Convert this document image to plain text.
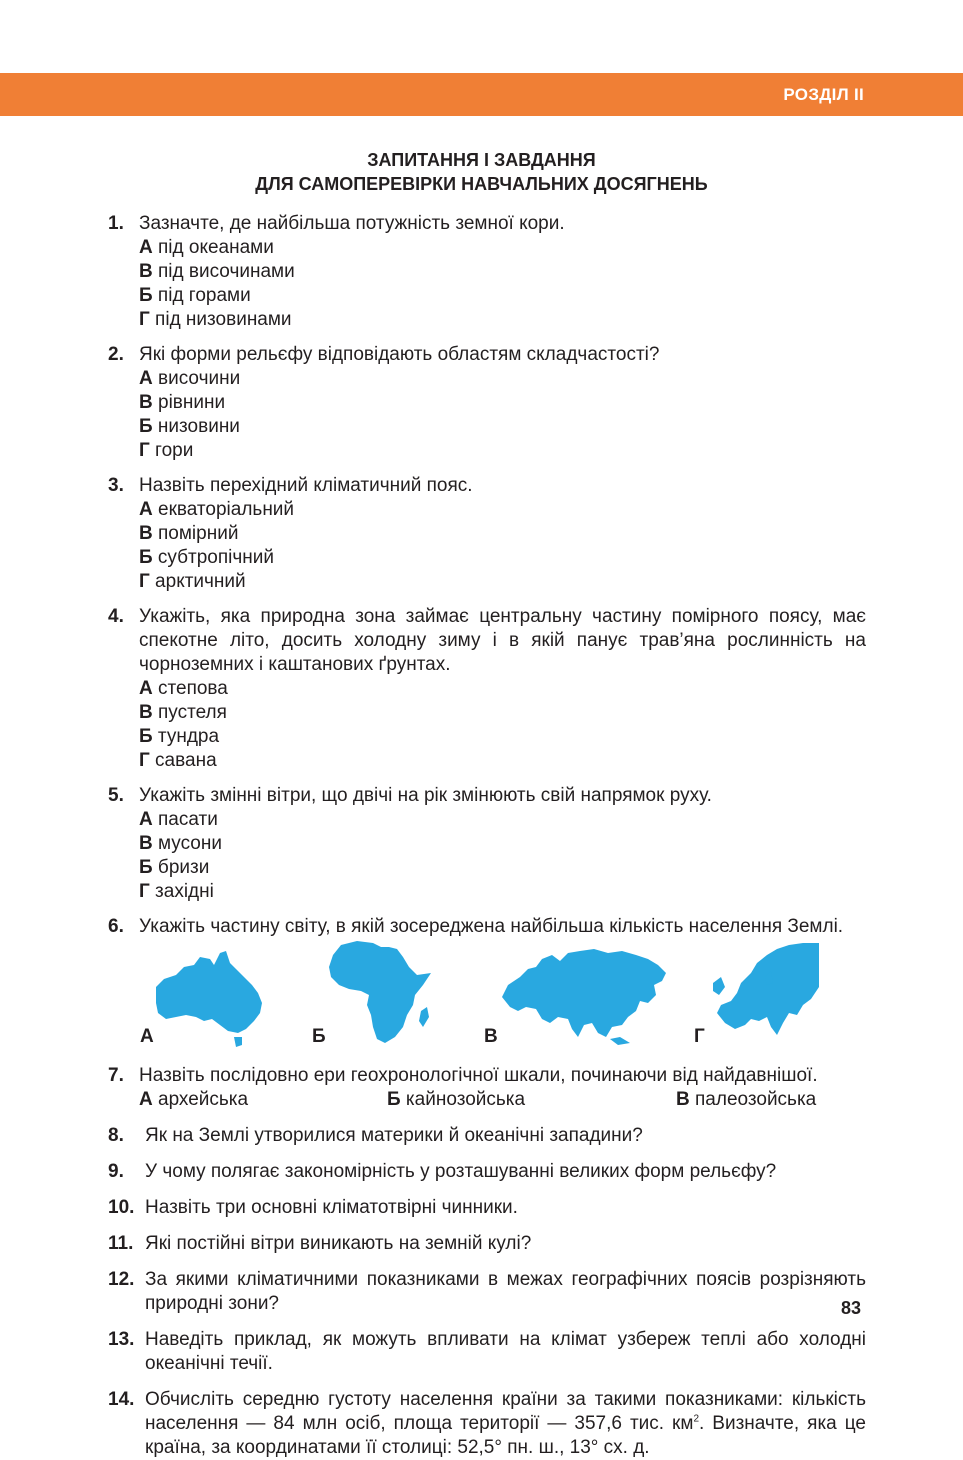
РОЗДІЛ ІІ
ЗАПИТАННЯ І ЗАВДАННЯ
ДЛЯ САМОПЕРЕВІРКИ НАВЧАЛЬНИХ ДОСЯГНЕНЬ
1. Зазначте, де найбільша потужність земної кори.
А під океанами
В під височинами
Б під горами
Г під низовинами
2. Які форми рельєфу відповідають областям складчастості?
А височини
В рівнини
Б низовини
Г гори
3. Назвіть перехідний кліматичний пояс.
А екваторіальний
В помірний
Б субтропічний
Г арктичний
4. Укажіть, яка природна зона займає центральну частину помірного поясу, має спекотне літо, досить холодну зиму і в якій панує трав’яна рослинність на чорноземних і каштанових ґрунтах.
А степова
В пустеля
Б тундра
Г савана
5. Укажіть змінні вітри, що двічі на рік змінюють свій напрямок руху.
А пасати
В мусони
Б бризи
Г західні
6. Укажіть частину світу, в якій зосереджена найбільша кількість населення Землі.
А	Б	В	Г
7. Назвіть послідовно ери геохронологічної шкали, починаючи від найдавнішої.
А архейська	Б кайнозойська	В палеозойська
8. Як на Землі утворилися материки й океанічні западини?
9. У чому полягає закономірність у розташуванні великих форм рельєфу?
10. Назвіть три основні кліматотвірні чинники.
11. Які постійні вітри виникають на земній кулі?
12. За якими кліматичними показниками в межах географічних поясів розрізняють природні зони?
13. Наведіть приклад, як можуть впливати на клімат узбереж теплі або холодні океанічні течії.
14. Обчисліть середню густоту населення країни за такими показниками: кількість населення — 84 млн осіб, площа території — 357,6 тис. $км^2$. Визначте, яка це країна, за координатами її столиці: 52,5° пн. ш., 13° сх. д.
83
